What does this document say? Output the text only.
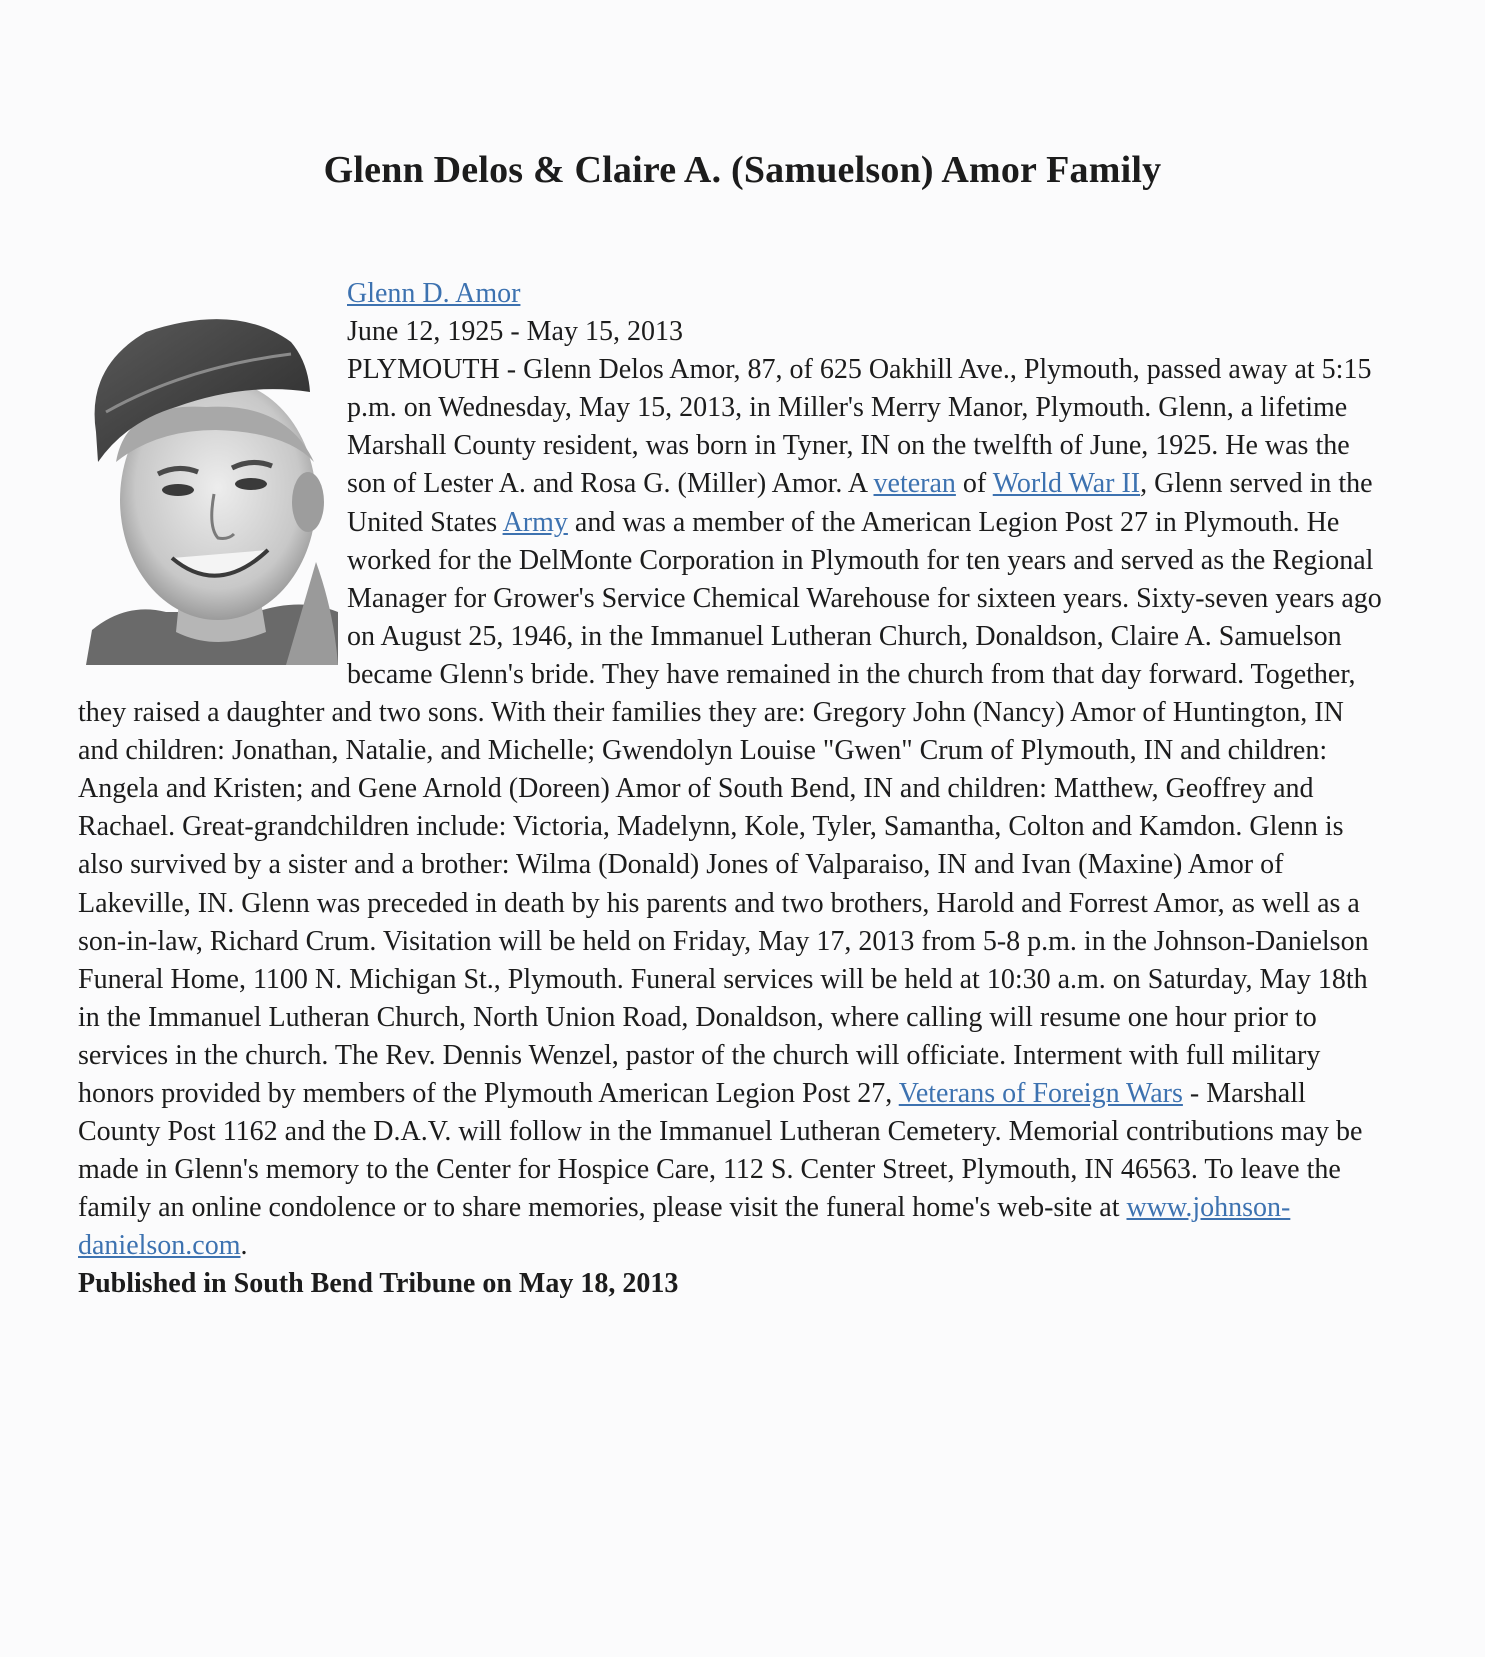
Glenn Delos & Claire A. (Samuelson) Amor Family

Glenn D. Amor
June 12, 1925 - May 15, 2013
PLYMOUTH - Glenn Delos Amor, 87, of 625 Oakhill Ave., Plymouth, passed away at 5:15 p.m. on Wednesday, May 15, 2013, in Miller's Merry Manor, Plymouth. Glenn, a lifetime Marshall County resident, was born in Tyner, IN on the twelfth of June, 1925. He was the son of Lester A. and Rosa G. (Miller) Amor. A veteran of World War II, Glenn served in the United States Army and was a member of the American Legion Post 27 in Plymouth. He worked for the DelMonte Corporation in Plymouth for ten years and served as the Regional Manager for Grower's Service Chemical Warehouse for sixteen years. Sixty-seven years ago on August 25, 1946, in the Immanuel Lutheran Church, Donaldson, Claire A. Samuelson became Glenn's bride. They have remained in the church from that day forward. Together, they raised a daughter and two sons. With their families they are: Gregory John (Nancy) Amor of Huntington, IN and children: Jonathan, Natalie, and Michelle; Gwendolyn Louise "Gwen" Crum of Plymouth, IN and children: Angela and Kristen; and Gene Arnold (Doreen) Amor of South Bend, IN and children: Matthew, Geoffrey and Rachael. Great-grandchildren include: Victoria, Madelynn, Kole, Tyler, Samantha, Colton and Kamdon. Glenn is also survived by a sister and a brother: Wilma (Donald) Jones of Valparaiso, IN and Ivan (Maxine) Amor of Lakeville, IN. Glenn was preceded in death by his parents and two brothers, Harold and Forrest Amor, as well as a son-in-law, Richard Crum. Visitation will be held on Friday, May 17, 2013 from 5-8 p.m. in the Johnson-Danielson Funeral Home, 1100 N. Michigan St., Plymouth. Funeral services will be held at 10:30 a.m. on Saturday, May 18th in the Immanuel Lutheran Church, North Union Road, Donaldson, where calling will resume one hour prior to services in the church. The Rev. Dennis Wenzel, pastor of the church will officiate. Interment with full military honors provided by members of the Plymouth American Legion Post 27, Veterans of Foreign Wars - Marshall County Post 1162 and the D.A.V. will follow in the Immanuel Lutheran Cemetery. Memorial contributions may be made in Glenn's memory to the Center for Hospice Care, 112 S. Center Street, Plymouth, IN 46563. To leave the family an online condolence or to share memories, please visit the funeral home's web-site at www.johnson-danielson.com.
Published in South Bend Tribune on May 18, 2013
